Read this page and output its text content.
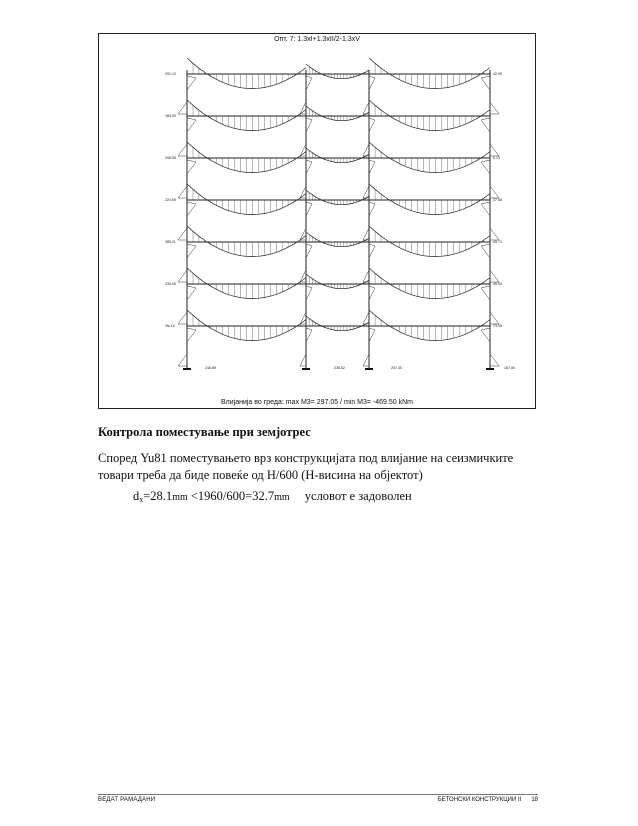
Опт. 7: 1.3xI+1.3xII/2-1.3xV
291.12	42.99
183.90
208.55	5.13
224.69	27.58
285.11	49.71
239.00	49.54
2fs.10	73.05
246.89	235.62	257.40	187.80
Влијанија во греда: max M3= 297.05 / min M3= -469.50 kNm
Контрола поместување при земјотрес

Според Yu81 поместувањето врз конструкцијата под влијание на сеизмичките товари треба да биде повеќе од H/600 (H-висина на објектот)

$d_x=28.1mm <1960/600=32.7mm$ условот е задоволен
ВЕДАТ РАМАДАНИ	БЕТОНСКИ КОНСТРУКЦИИ II 18
